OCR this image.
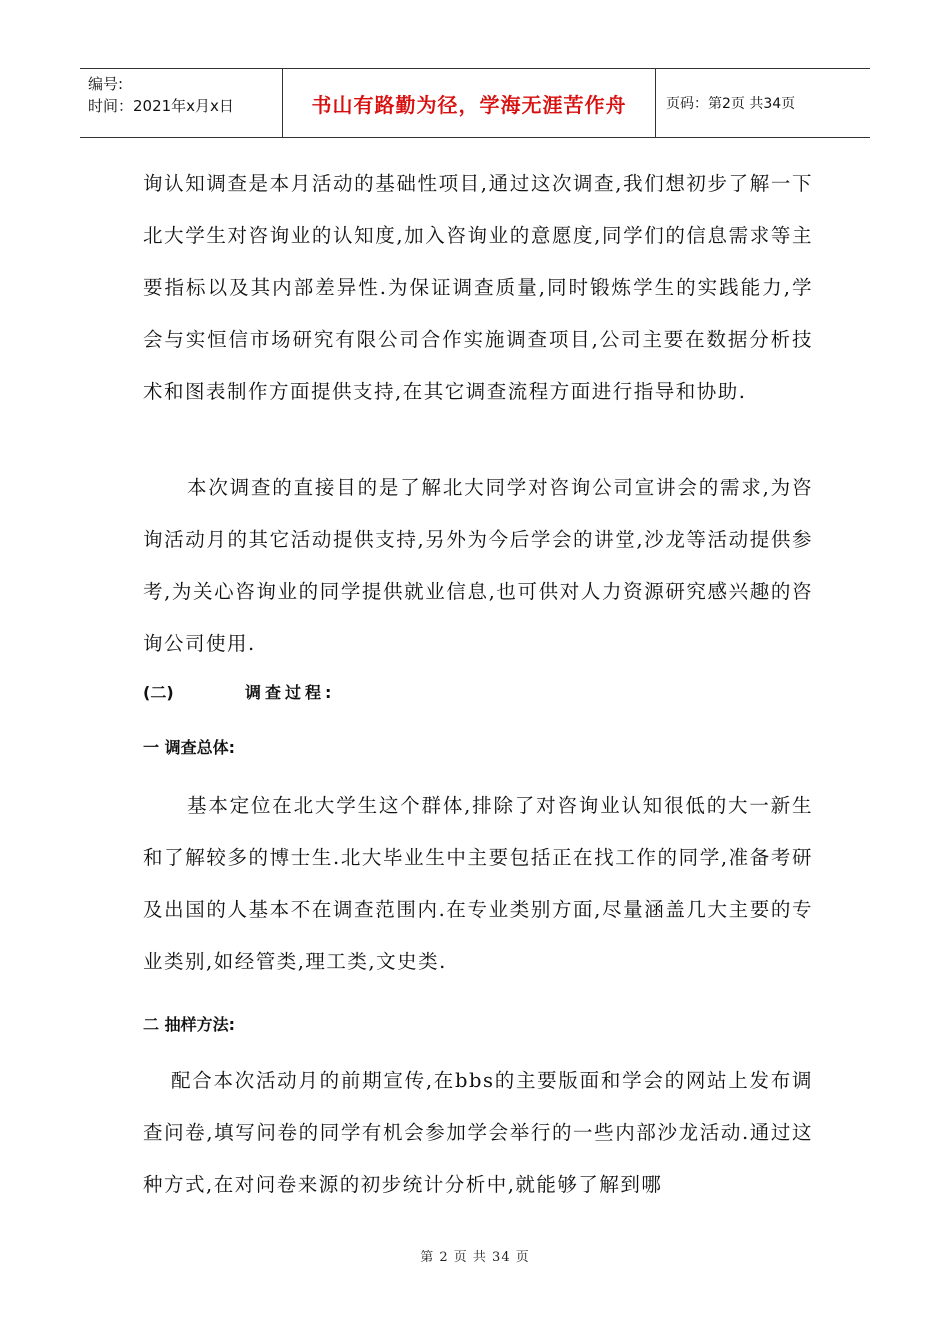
编号:
时间：2021年x月x日	书山有路勤为径，学海无涯苦作舟	页码：第2页 共34页
询认知调查是本月活动的基础性项目,通过这次调查,我们想初步了解一下北大学生对咨询业的认知度,加入咨询业的意愿度,同学们的信息需求等主要指标以及其内部差异性.为保证调查质量,同时锻炼学生的实践能力,学会与实恒信市场研究有限公司合作实施调查项目,公司主要在数据分析技术和图表制作方面提供支持,在其它调查流程方面进行指导和协助.
本次调查的直接目的是了解北大同学对咨询公司宣讲会的需求,为咨询活动月的其它活动提供支持,另外为今后学会的讲堂,沙龙等活动提供参考,为关心咨询业的同学提供就业信息,也可供对人力资源研究感兴趣的咨询公司使用.
(二)	调查过程:
一 调查总体:
基本定位在北大学生这个群体,排除了对咨询业认知很低的大一新生和了解较多的博士生.北大毕业生中主要包括正在找工作的同学,准备考研及出国的人基本不在调查范围内.在专业类别方面,尽量涵盖几大主要的专业类别,如经管类,理工类,文史类.
二 抽样方法:
配合本次活动月的前期宣传,在bbs的主要版面和学会的网站上发布调查问卷,填写问卷的同学有机会参加学会举行的一些内部沙龙活动.通过这种方式,在对问卷来源的初步统计分析中,就能够了解到哪
第 2 页 共 34 页
